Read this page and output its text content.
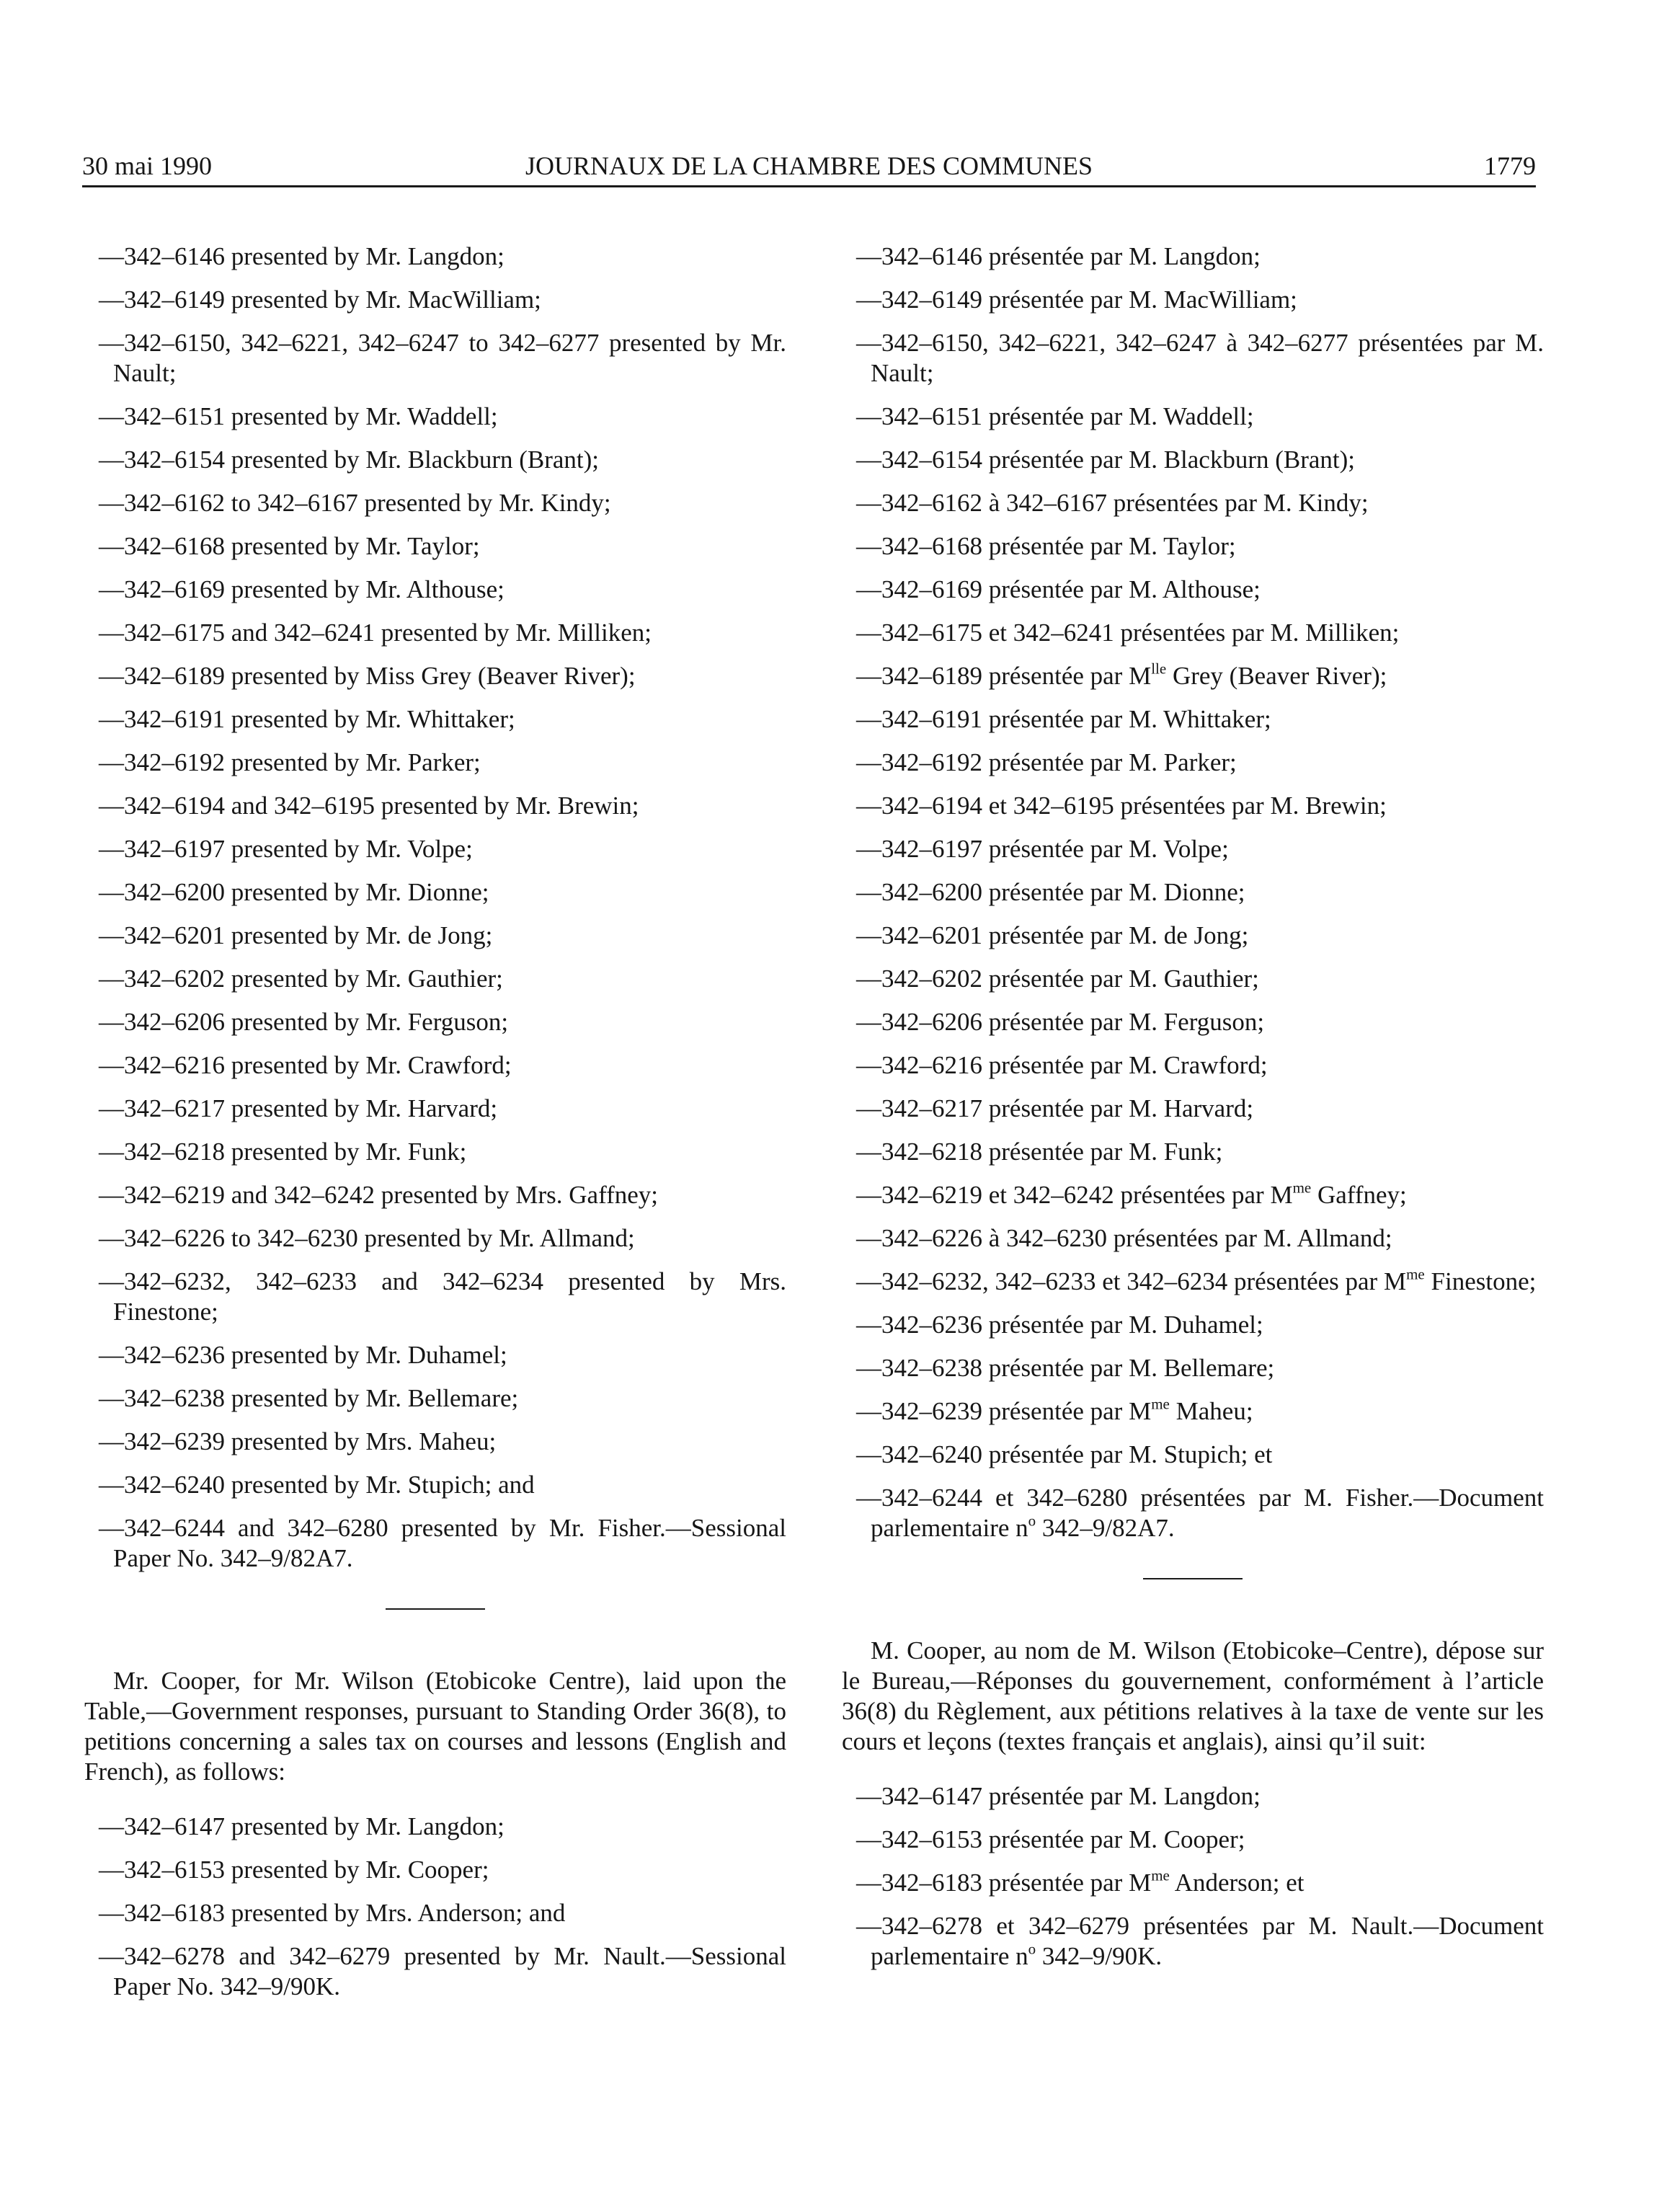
30 mai 1990	JOURNAUX DE LA CHAMBRE DES COMMUNES	1779

—342–6146 presented by Mr. Langdon;

—342–6149 presented by Mr. MacWilliam;

—342–6150, 342–6221, 342–6247 to 342–6277 presented by Mr. Nault;

—342–6151 presented by Mr. Waddell;

—342–6154 presented by Mr. Blackburn (Brant);

—342–6162 to 342–6167 presented by Mr. Kindy;

—342–6168 presented by Mr. Taylor;

—342–6169 presented by Mr. Althouse;

—342–6175 and 342–6241 presented by Mr. Milliken;

—342–6189 presented by Miss Grey (Beaver River);

—342–6191 presented by Mr. Whittaker;

—342–6192 presented by Mr. Parker;

—342–6194 and 342–6195 presented by Mr. Brewin;

—342–6197 presented by Mr. Volpe;

—342–6200 presented by Mr. Dionne;

—342–6201 presented by Mr. de Jong;

—342–6202 presented by Mr. Gauthier;

—342–6206 presented by Mr. Ferguson;

—342–6216 presented by Mr. Crawford;

—342–6217 presented by Mr. Harvard;

—342–6218 presented by Mr. Funk;

—342–6219 and 342–6242 presented by Mrs. Gaffney;

—342–6226 to 342–6230 presented by Mr. Allmand;

—342–6232, 342–6233 and 342–6234 presented by Mrs. Finestone;

—342–6236 presented by Mr. Duhamel;

—342–6238 presented by Mr. Bellemare;

—342–6239 presented by Mrs. Maheu;

—342–6240 presented by Mr. Stupich; and

—342–6244 and 342–6280 presented by Mr. Fisher.—Sessional Paper No. 342–9/82A7.

Mr. Cooper, for Mr. Wilson (Etobicoke Centre), laid upon the Table,—Government responses, pursuant to Standing Order 36(8), to petitions concerning a sales tax on courses and lessons (English and French), as follows:

—342–6147 presented by Mr. Langdon;

—342–6153 presented by Mr. Cooper;

—342–6183 presented by Mrs. Anderson; and

—342–6278 and 342–6279 presented by Mr. Nault.—Sessional Paper No. 342–9/90K.

—342–6146 présentée par M. Langdon;

—342–6149 présentée par M. MacWilliam;

—342–6150, 342–6221, 342–6247 à 342–6277 présentées par M. Nault;

—342–6151 présentée par M. Waddell;

—342–6154 présentée par M. Blackburn (Brant);

—342–6162 à 342–6167 présentées par M. Kindy;

—342–6168 présentée par M. Taylor;

—342–6169 présentée par M. Althouse;

—342–6175 et 342–6241 présentées par M. Milliken;

—342–6189 présentée par $M^{lle}$ Grey (Beaver River);

—342–6191 présentée par M. Whittaker;

—342–6192 présentée par M. Parker;

—342–6194 et 342–6195 présentées par M. Brewin;

—342–6197 présentée par M. Volpe;

—342–6200 présentée par M. Dionne;

—342–6201 présentée par M. de Jong;

—342–6202 présentée par M. Gauthier;

—342–6206 présentée par M. Ferguson;

—342–6216 présentée par M. Crawford;

—342–6217 présentée par M. Harvard;

—342–6218 présentée par M. Funk;

—342–6219 et 342–6242 présentées par $M^{me}$ Gaffney;

—342–6226 à 342–6230 présentées par M. Allmand;

—342–6232, 342–6233 et 342–6234 présentées par $M^{me}$ Finestone;

—342–6236 présentée par M. Duhamel;

—342–6238 présentée par M. Bellemare;

—342–6239 présentée par $M^{me}$ Maheu;

—342–6240 présentée par M. Stupich; et

—342–6244 et 342–6280 présentées par M. Fisher.—Document parlementaire $n^o$ 342–9/82A7.

M. Cooper, au nom de M. Wilson (Etobicoke–Centre), dépose sur le Bureau,—Réponses du gouvernement, conformément à l’article 36(8) du Règlement, aux pétitions relatives à la taxe de vente sur les cours et leçons (textes français et anglais), ainsi qu’il suit:

—342–6147 présentée par M. Langdon;

—342–6153 présentée par M. Cooper;

—342–6183 présentée par $M^{me}$ Anderson; et

—342–6278 et 342–6279 présentées par M. Nault.—Document parlementaire $n^o$ 342–9/90K.
